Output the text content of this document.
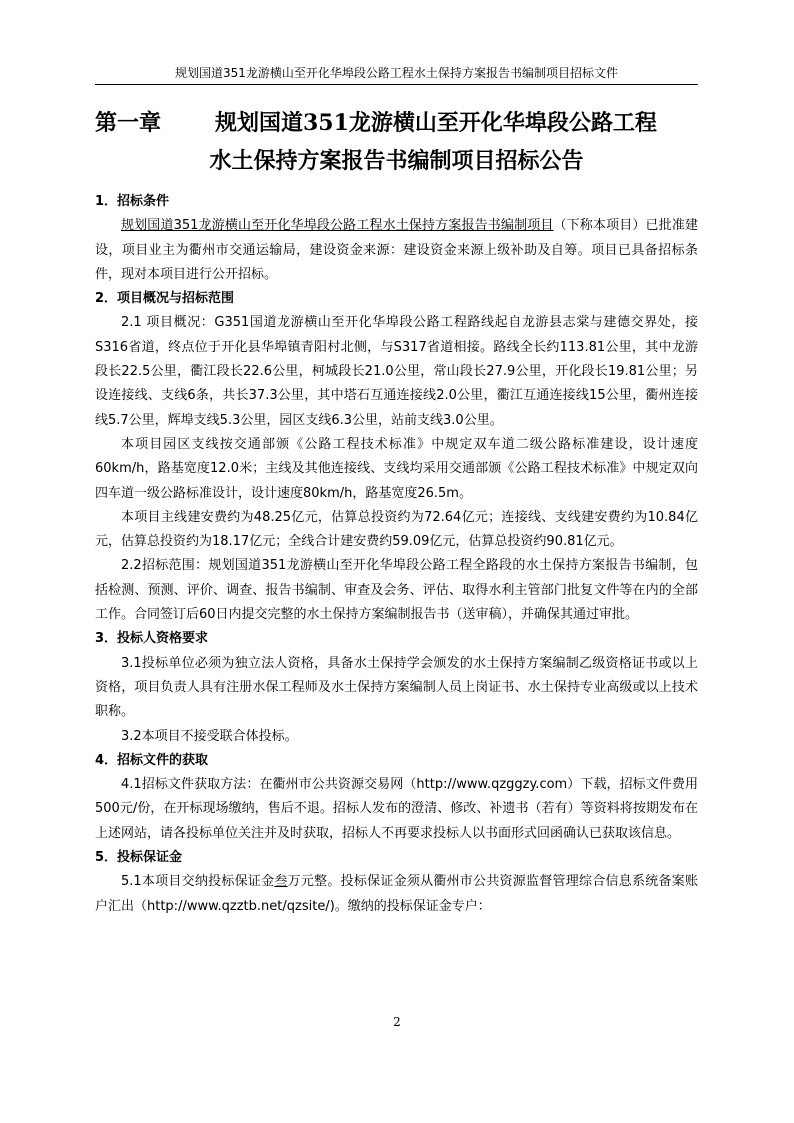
规划国道351龙游横山至开化华埠段公路工程水土保持方案报告书编制项目招标文件
第一章 规划国道351龙游横山至开化华埠段公路工程
水土保持方案报告书编制项目招标公告
1．招标条件

规划国道351龙游横山至开化华埠段公路工程水土保持方案报告书编制项目（下称本项目）已批准建设，项目业主为衢州市交通运输局，建设资金来源：建设资金来源上级补助及自筹。项目已具备招标条件，现对本项目进行公开招标。

2．项目概况与招标范围

2.1 项目概况：G351国道龙游横山至开化华埠段公路工程路线起自龙游县志棠与建德交界处，接S316省道，终点位于开化县华埠镇青阳村北侧，与S317省道相接。路线全长约113.81公里，其中龙游段长22.5公里，衢江段长22.6公里，柯城段长21.0公里，常山段长27.9公里，开化段长19.81公里；另设连接线、支线6条，共长37.3公里，其中塔石互通连接线2.0公里，衢江互通连接线15公里，衢州连接线5.7公里，辉埠支线5.3公里，园区支线6.3公里，站前支线3.0公里。

本项目园区支线按交通部颁《公路工程技术标准》中规定双车道二级公路标准建设，设计速度60km/h，路基宽度12.0米；主线及其他连接线、支线均采用交通部颁《公路工程技术标准》中规定双向四车道一级公路标准设计，设计速度80km/h，路基宽度26.5m。

本项目主线建安费约为48.25亿元，估算总投资约为72.64亿元；连接线、支线建安费约为10.84亿元，估算总投资约为18.17亿元；全线合计建安费约59.09亿元，估算总投资约90.81亿元。

2.2招标范围：规划国道351龙游横山至开化华埠段公路工程全路段的水土保持方案报告书编制，包括检测、预测、评价、调查、报告书编制、审查及会务、评估、取得水利主管部门批复文件等在内的全部工作。合同签订后60日内提交完整的水土保持方案编制报告书（送审稿），并确保其通过审批。

3．投标人资格要求

3.1投标单位必须为独立法人资格，具备水土保持学会颁发的水土保持方案编制乙级资格证书或以上资格，项目负责人具有注册水保工程师及水土保持方案编制人员上岗证书、水土保持专业高级或以上技术职称。

3.2本项目不接受联合体投标。

4．招标文件的获取

4.1招标文件获取方法：在衢州市公共资源交易网（http://www.qzggzy.com）下载，招标文件费用500元/份，在开标现场缴纳，售后不退。招标人发布的澄清、修改、补遗书（若有）等资料将按期发布在上述网站，请各投标单位关注并及时获取，招标人不再要求投标人以书面形式回函确认已获取该信息。

5．投标保证金

5.1本项目交纳投标保证金叁万元整。投标保证金须从衢州市公共资源监督管理综合信息系统备案账户汇出（http://www.qzztb.net/qzsite/)。缴纳的投标保证金专户：

2
